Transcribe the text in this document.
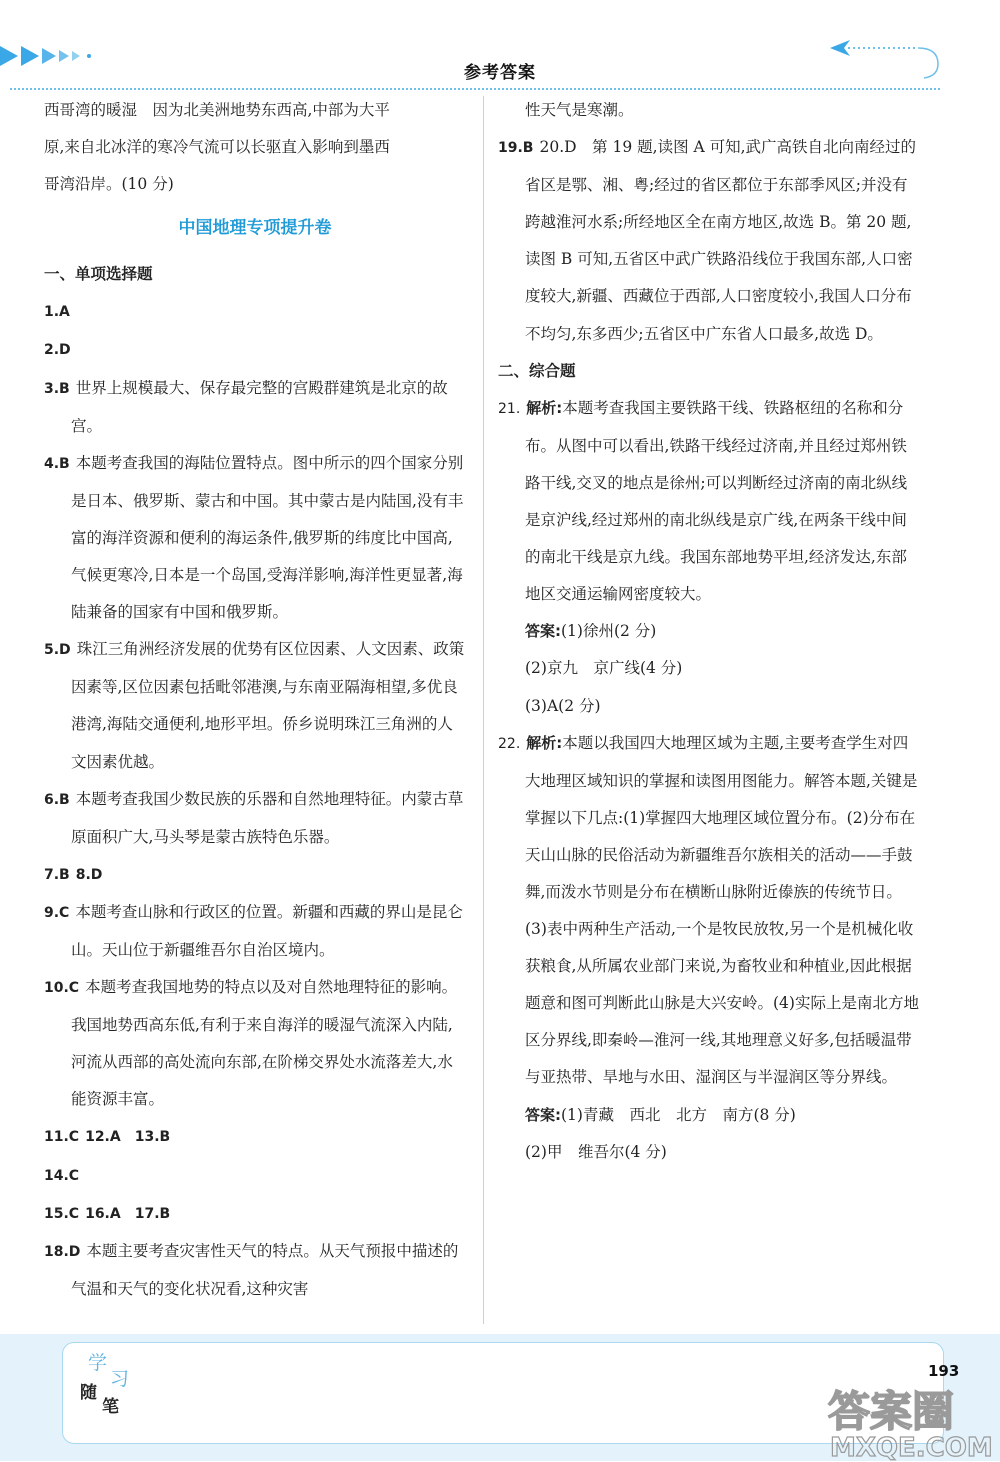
参考答案

西哥湾的暖湿　因为北美洲地势东西高,中部为大平

原,来自北冰洋的寒冷气流可以长驱直入影响到墨西

哥湾沿岸。(10 分)

中国地理专项提升卷

一、单项选择题

1.A

2.D

3.B 世界上规模最大、保存最完整的宫殿群建筑是北京的故宫。

4.B 本题考查我国的海陆位置特点。图中所示的四个国家分别是日本、俄罗斯、蒙古和中国。其中蒙古是内陆国,没有丰富的海洋资源和便利的海运条件,俄罗斯的纬度比中国高,气候更寒冷,日本是一个岛国,受海洋影响,海洋性更显著,海陆兼备的国家有中国和俄罗斯。

5.D 珠江三角洲经济发展的优势有区位因素、人文因素、政策因素等,区位因素包括毗邻港澳,与东南亚隔海相望,多优良港湾,海陆交通便利,地形平坦。侨乡说明珠江三角洲的人文因素优越。

6.B 本题考查我国少数民族的乐器和自然地理特征。内蒙古草原面积广大,马头琴是蒙古族特色乐器。

7.B 8.D

9.C 本题考查山脉和行政区的位置。新疆和西藏的界山是昆仑山。天山位于新疆维吾尔自治区境内。

10.C 本题考查我国地势的特点以及对自然地理特征的影响。我国地势西高东低,有利于来自海洋的暖湿气流深入内陆,河流从西部的高处流向东部,在阶梯交界处水流落差大,水能资源丰富。

11.C 12.A　13.B

14.C

15.C 16.A　17.B

18.D 本题主要考查灾害性天气的特点。从天气预报中描述的气温和天气的变化状况看,这种灾害

性天气是寒潮。

19.B 20.D　第 19 题,读图 A 可知,武广高铁自北向南经过的省区是鄂、湘、粤;经过的省区都位于东部季风区;并没有跨越淮河水系;所经地区全在南方地区,故选 B。第 20 题,读图 B 可知,五省区中武广铁路沿线位于我国东部,人口密度较大,新疆、西藏位于西部,人口密度较小,我国人口分布不均匀,东多西少;五省区中广东省人口最多,故选 D。

二、综合题

21. 解析:本题考查我国主要铁路干线、铁路枢纽的名称和分布。从图中可以看出,铁路干线经过济南,并且经过郑州铁路干线,交叉的地点是徐州;可以判断经过济南的南北纵线是京沪线,经过郑州的南北纵线是京广线,在两条干线中间的南北干线是京九线。我国东部地势平坦,经济发达,东部地区交通运输网密度较大。

答案:(1)徐州(2 分)

(2)京九　京广线(4 分)

(3)A(2 分)

22. 解析:本题以我国四大地理区域为主题,主要考查学生对四大地理区域知识的掌握和读图用图能力。解答本题,关键是掌握以下几点:(1)掌握四大地理区域位置分布。(2)分布在天山山脉的民俗活动为新疆维吾尔族相关的活动——手鼓舞,而泼水节则是分布在横断山脉附近傣族的传统节日。(3)表中两种生产活动,一个是牧民放牧,另一个是机械化收获粮食,从所属农业部门来说,为畜牧业和种植业,因此根据题意和图可判断此山脉是大兴安岭。(4)实际上是南北方地区分界线,即秦岭—淮河一线,其地理意义好多,包括暖温带与亚热带、旱地与水田、湿润区与半湿润区等分界线。

答案:(1)青藏　西北　北方　南方(8 分)

(2)甲　维吾尔(4 分)

学
习
随
笔
193
答案圈
MXQE.COM
